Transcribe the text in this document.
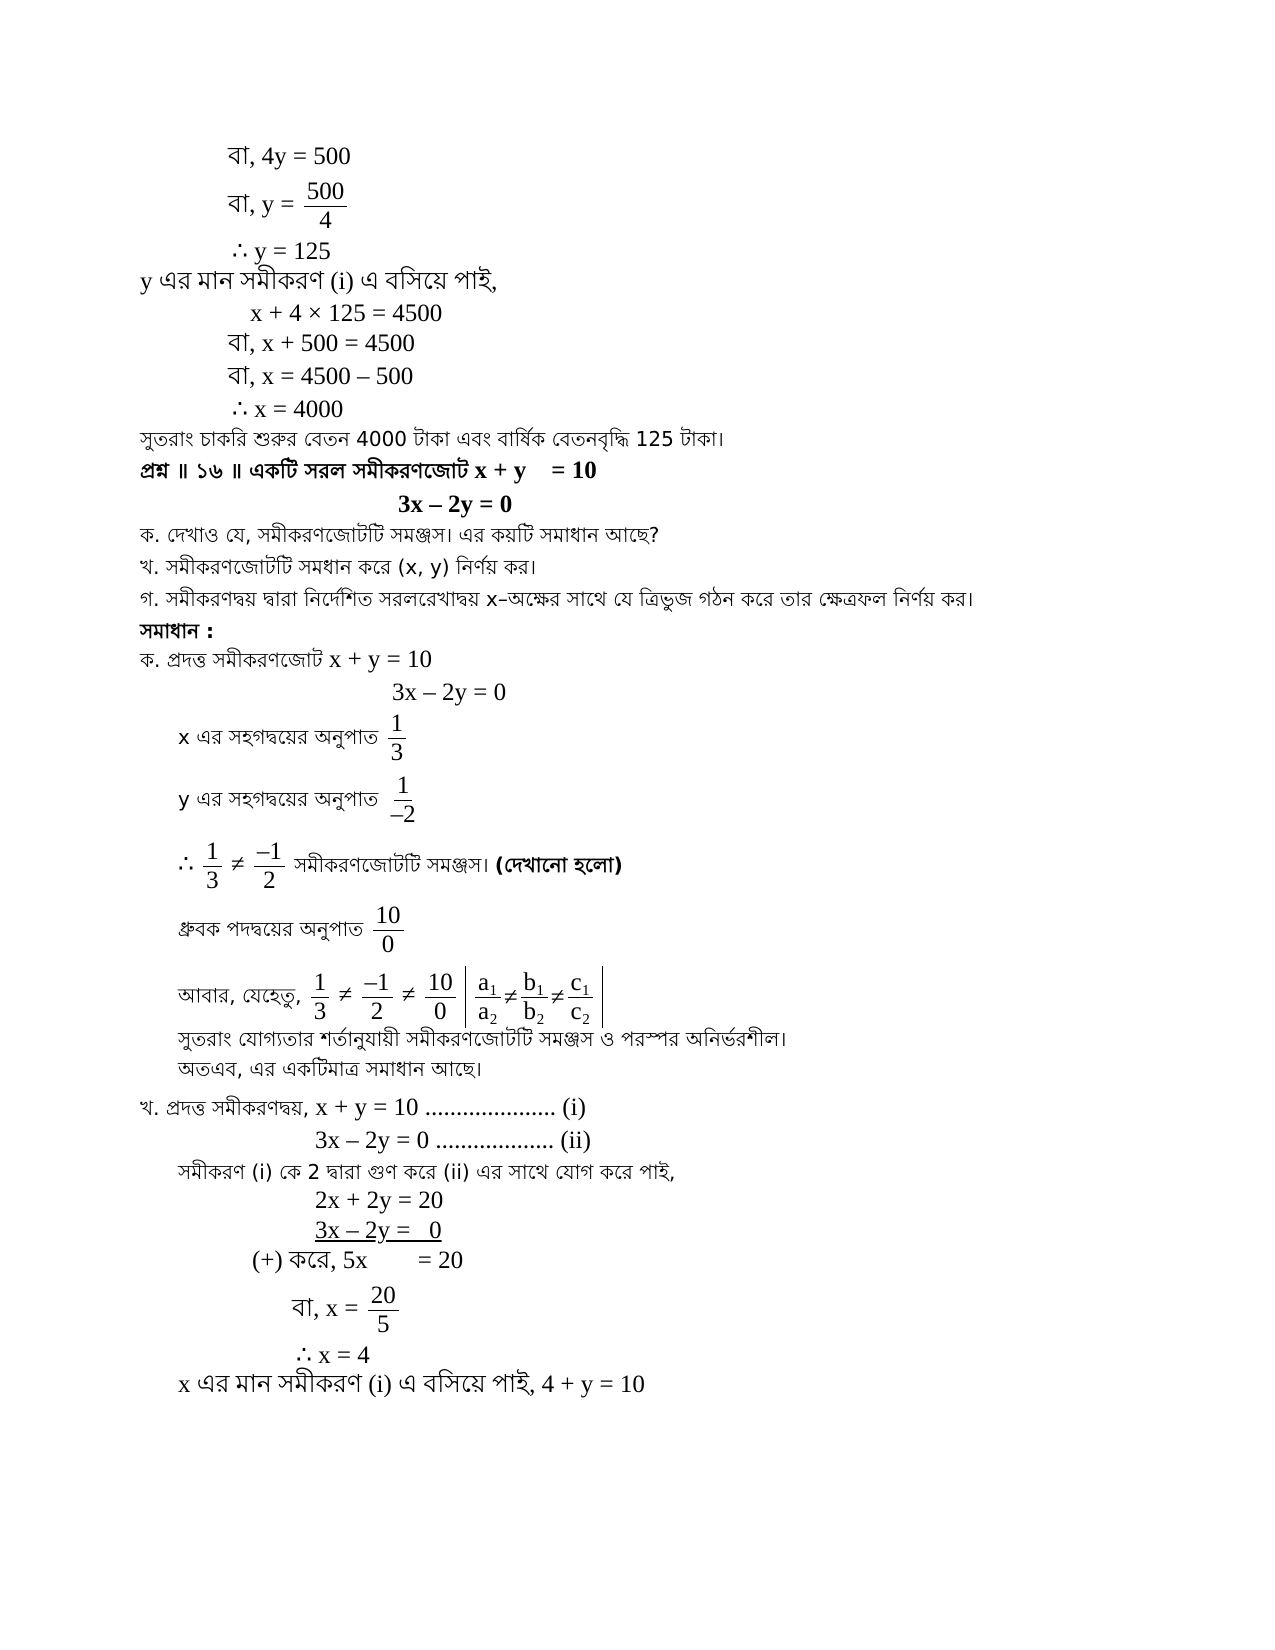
বা, 4y = 500
বা, $y = \frac{500}{4}$
∴ y = 125
y এর মান সমীকরণ (i) এ বসিয়ে পাই,
x + 4 × 125 = 4500
বা, x + 500 = 4500
বা, x = 4500 – 500
∴ x = 4000
সুতরাং চাকরি শুরুর বেতন 4000 টাকা এবং বার্ষিক বেতনবৃদ্ধি 125 টাকা।
প্রশ্ন ॥ ১৬ ॥ একটি সরল সমীকরণজোট x + y    = 10
3x – 2y = 0
ক. দেখাও যে, সমীকরণজোটটি সমঞ্জস। এর কয়টি সমাধান আছে?
খ. সমীকরণজোটটি সমধান করে (x, y) নির্ণয় কর।
গ. সমীকরণদ্বয় দ্বারা নির্দেশিত সরলরেখাদ্বয় x–অক্ষের সাথে যে ত্রিভুজ গঠন করে তার ক্ষেত্রফল নির্ণয় কর।
সমাধান :
ক. প্রদত্ত সমীকরণজোট x + y = 10
3x – 2y = 0
x এর সহগদ্বয়ের অনুপাত $\frac{1}{3}$
y এর সহগদ্বয়ের অনুপাত $\frac{1}{-2}$
∴ $\frac{1}{3} \ne \frac{-1}{2}$ সমীকরণজোটটি সমঞ্জস। (দেখানো হলো)
ধ্রুবক পদদ্বয়ের অনুপাত $\frac{10}{0}$
আবার, যেহেতু, $\frac{1}{3} \ne \frac{-1}{2} \ne \frac{10}{0}$
$\frac{\text{a₁}}{\text{a₂}} \ne \frac{\text{b₁}}{\text{b₂}} \ne \frac{\text{c₁}}{\text{c₂}}$
সুতরাং যোগ্যতার শর্তানুযায়ী সমীকরণজোটটি সমঞ্জস ও পরস্পর অনির্ভরশীল।
অতএব, এর একটিমাত্র সমাধান আছে।
খ. প্রদত্ত সমীকরণদ্বয়, x + y = 10 ..................... (i)
3x – 2y = 0 ................... (ii)
সমীকরণ (i) কে 2 দ্বারা গুণ করে (ii) এর সাথে যোগ করে পাই,
2x + 2y = 20
3x – 2y =   0
(+) করে, 5x        = 20
বা, $x = \frac{20}{5}$
∴ x = 4
x এর মান সমীকরণ (i) এ বসিয়ে পাই, 4 + y = 10
